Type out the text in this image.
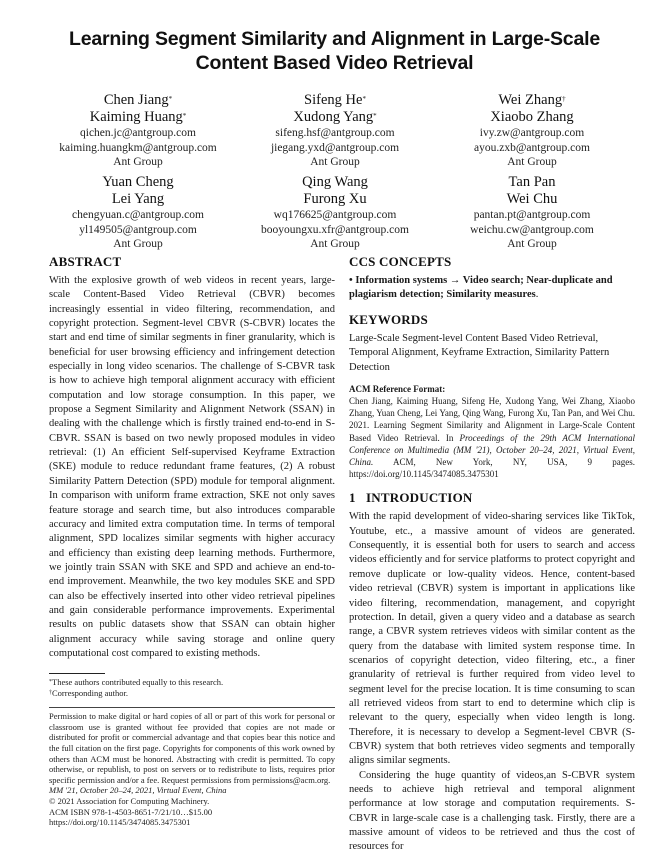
Learning Segment Similarity and Alignment in Large-Scale
Content Based Video Retrieval
Chen Jiang*
Kaiming Huang*
qichen.jc@antgroup.com
kaiming.huangkm@antgroup.com
Ant Group
Sifeng He*
Xudong Yang*
sifeng.hsf@antgroup.com
jiegang.yxd@antgroup.com
Ant Group
Wei Zhang†
Xiaobo Zhang
ivy.zw@antgroup.com
ayou.zxb@antgroup.com
Ant Group
Yuan Cheng
Lei Yang
chengyuan.c@antgroup.com
yl149505@antgroup.com
Ant Group
Qing Wang
Furong Xu
wq176625@antgroup.com
booyoungxu.xfr@antgroup.com
Ant Group
Tan Pan
Wei Chu
pantan.pt@antgroup.com
weichu.cw@antgroup.com
Ant Group
ABSTRACT

With the explosive growth of web videos in recent years, large-scale Content-Based Video Retrieval (CBVR) becomes increasingly essential in video filtering, recommendation, and copyright protection. Segment-level CBVR (S-CBVR) locates the start and end time of similar segments in finer granularity, which is beneficial for user browsing efficiency and infringement detection especially in long video scenarios. The challenge of S-CBVR task is how to achieve high temporal alignment accuracy with efficient computation and low storage consumption. In this paper, we propose a Segment Similarity and Alignment Network (SSAN) in dealing with the challenge which is firstly trained end-to-end in S-CBVR. SSAN is based on two newly proposed modules in video retrieval: (1) An efficient Self-supervised Keyframe Extraction (SKE) module to reduce redundant frame features, (2) A robust Similarity Pattern Detection (SPD) module for temporal alignment. In comparison with uniform frame extraction, SKE not only saves feature storage and search time, but also introduces comparable accuracy and limited extra computation time. In terms of temporal alignment, SPD localizes similar segments with higher accuracy and efficiency than existing deep learning methods. Furthermore, we jointly train SSAN with SKE and SPD and achieve an end-to-end improvement. Meanwhile, the two key modules SKE and SPD can also be effectively inserted into other video retrieval pipelines and gain considerable performance improvements. Experimental results on public datasets show that SSAN can obtain higher alignment accuracy while saving storage and online query computational cost compared to existing methods.

*These authors contributed equally to this research.
†Corresponding author.

Permission to make digital or hard copies of all or part of this work for personal or classroom use is granted without fee provided that copies are not made or distributed for profit or commercial advantage and that copies bear this notice and the full citation on the first page. Copyrights for components of this work owned by others than ACM must be honored. Abstracting with credit is permitted. To copy otherwise, or republish, to post on servers or to redistribute to lists, requires prior specific permission and/or a fee. Request permissions from permissions@acm.org.

MM '21, October 20–24, 2021, Virtual Event, China
© 2021 Association for Computing Machinery.
ACM ISBN 978-1-4503-8651-7/21/10…$15.00
https://doi.org/10.1145/3474085.3475301
CCS CONCEPTS

• Information systems → Video search; Near-duplicate and plagiarism detection; Similarity measures.

KEYWORDS

Large-Scale Segment-level Content Based Video Retrieval, Temporal Alignment, Keyframe Extraction, Similarity Pattern Detection

ACM Reference Format:

Chen Jiang, Kaiming Huang, Sifeng He, Xudong Yang, Wei Zhang, Xiaobo Zhang, Yuan Cheng, Lei Yang, Qing Wang, Furong Xu, Tan Pan, and Wei Chu. 2021. Learning Segment Similarity and Alignment in Large-Scale Content Based Video Retrieval. In Proceedings of the 29th ACM International Conference on Multimedia (MM '21), October 20–24, 2021, Virtual Event, China. ACM, New York, NY, USA, 9 pages. https://doi.org/10.1145/3474085.3475301

1   INTRODUCTION

With the rapid development of video-sharing services like TikTok, Youtube, etc., a massive amount of videos are generated. Consequently, it is essential both for users to search and access videos efficiently and for service platforms to protect copyright and remove duplicate or low-quality videos. Hence, content-based video retrieval (CBVR) system is important in applications like video filtering, recommendation, management, and copyright protection. In detail, given a query video and a database as search range, a CBVR system retrieves videos with similar content as the query from the database with limited system response time. In scenarios of copyright detection, video filtering, etc., a finer granularity of retrieval is further required from video level to segment level for the precise location. It is time consuming to scan all retrieved videos from start to end to determine which clip is relevant to the query, especially when video length is long. Therefore, it is necessary to develop a Segment-level CBVR (S-CBVR) system that both retrieves video segments and temporally aligns similar segments.

Considering the huge quantity of videos,an S-CBVR system needs to achieve high retrieval and temporal alignment performance at low storage and computation requirements. S-CBVR in large-scale case is a challenging task. Firstly, there are a massive amount of videos to be retrieved and thus the cost of resources for
